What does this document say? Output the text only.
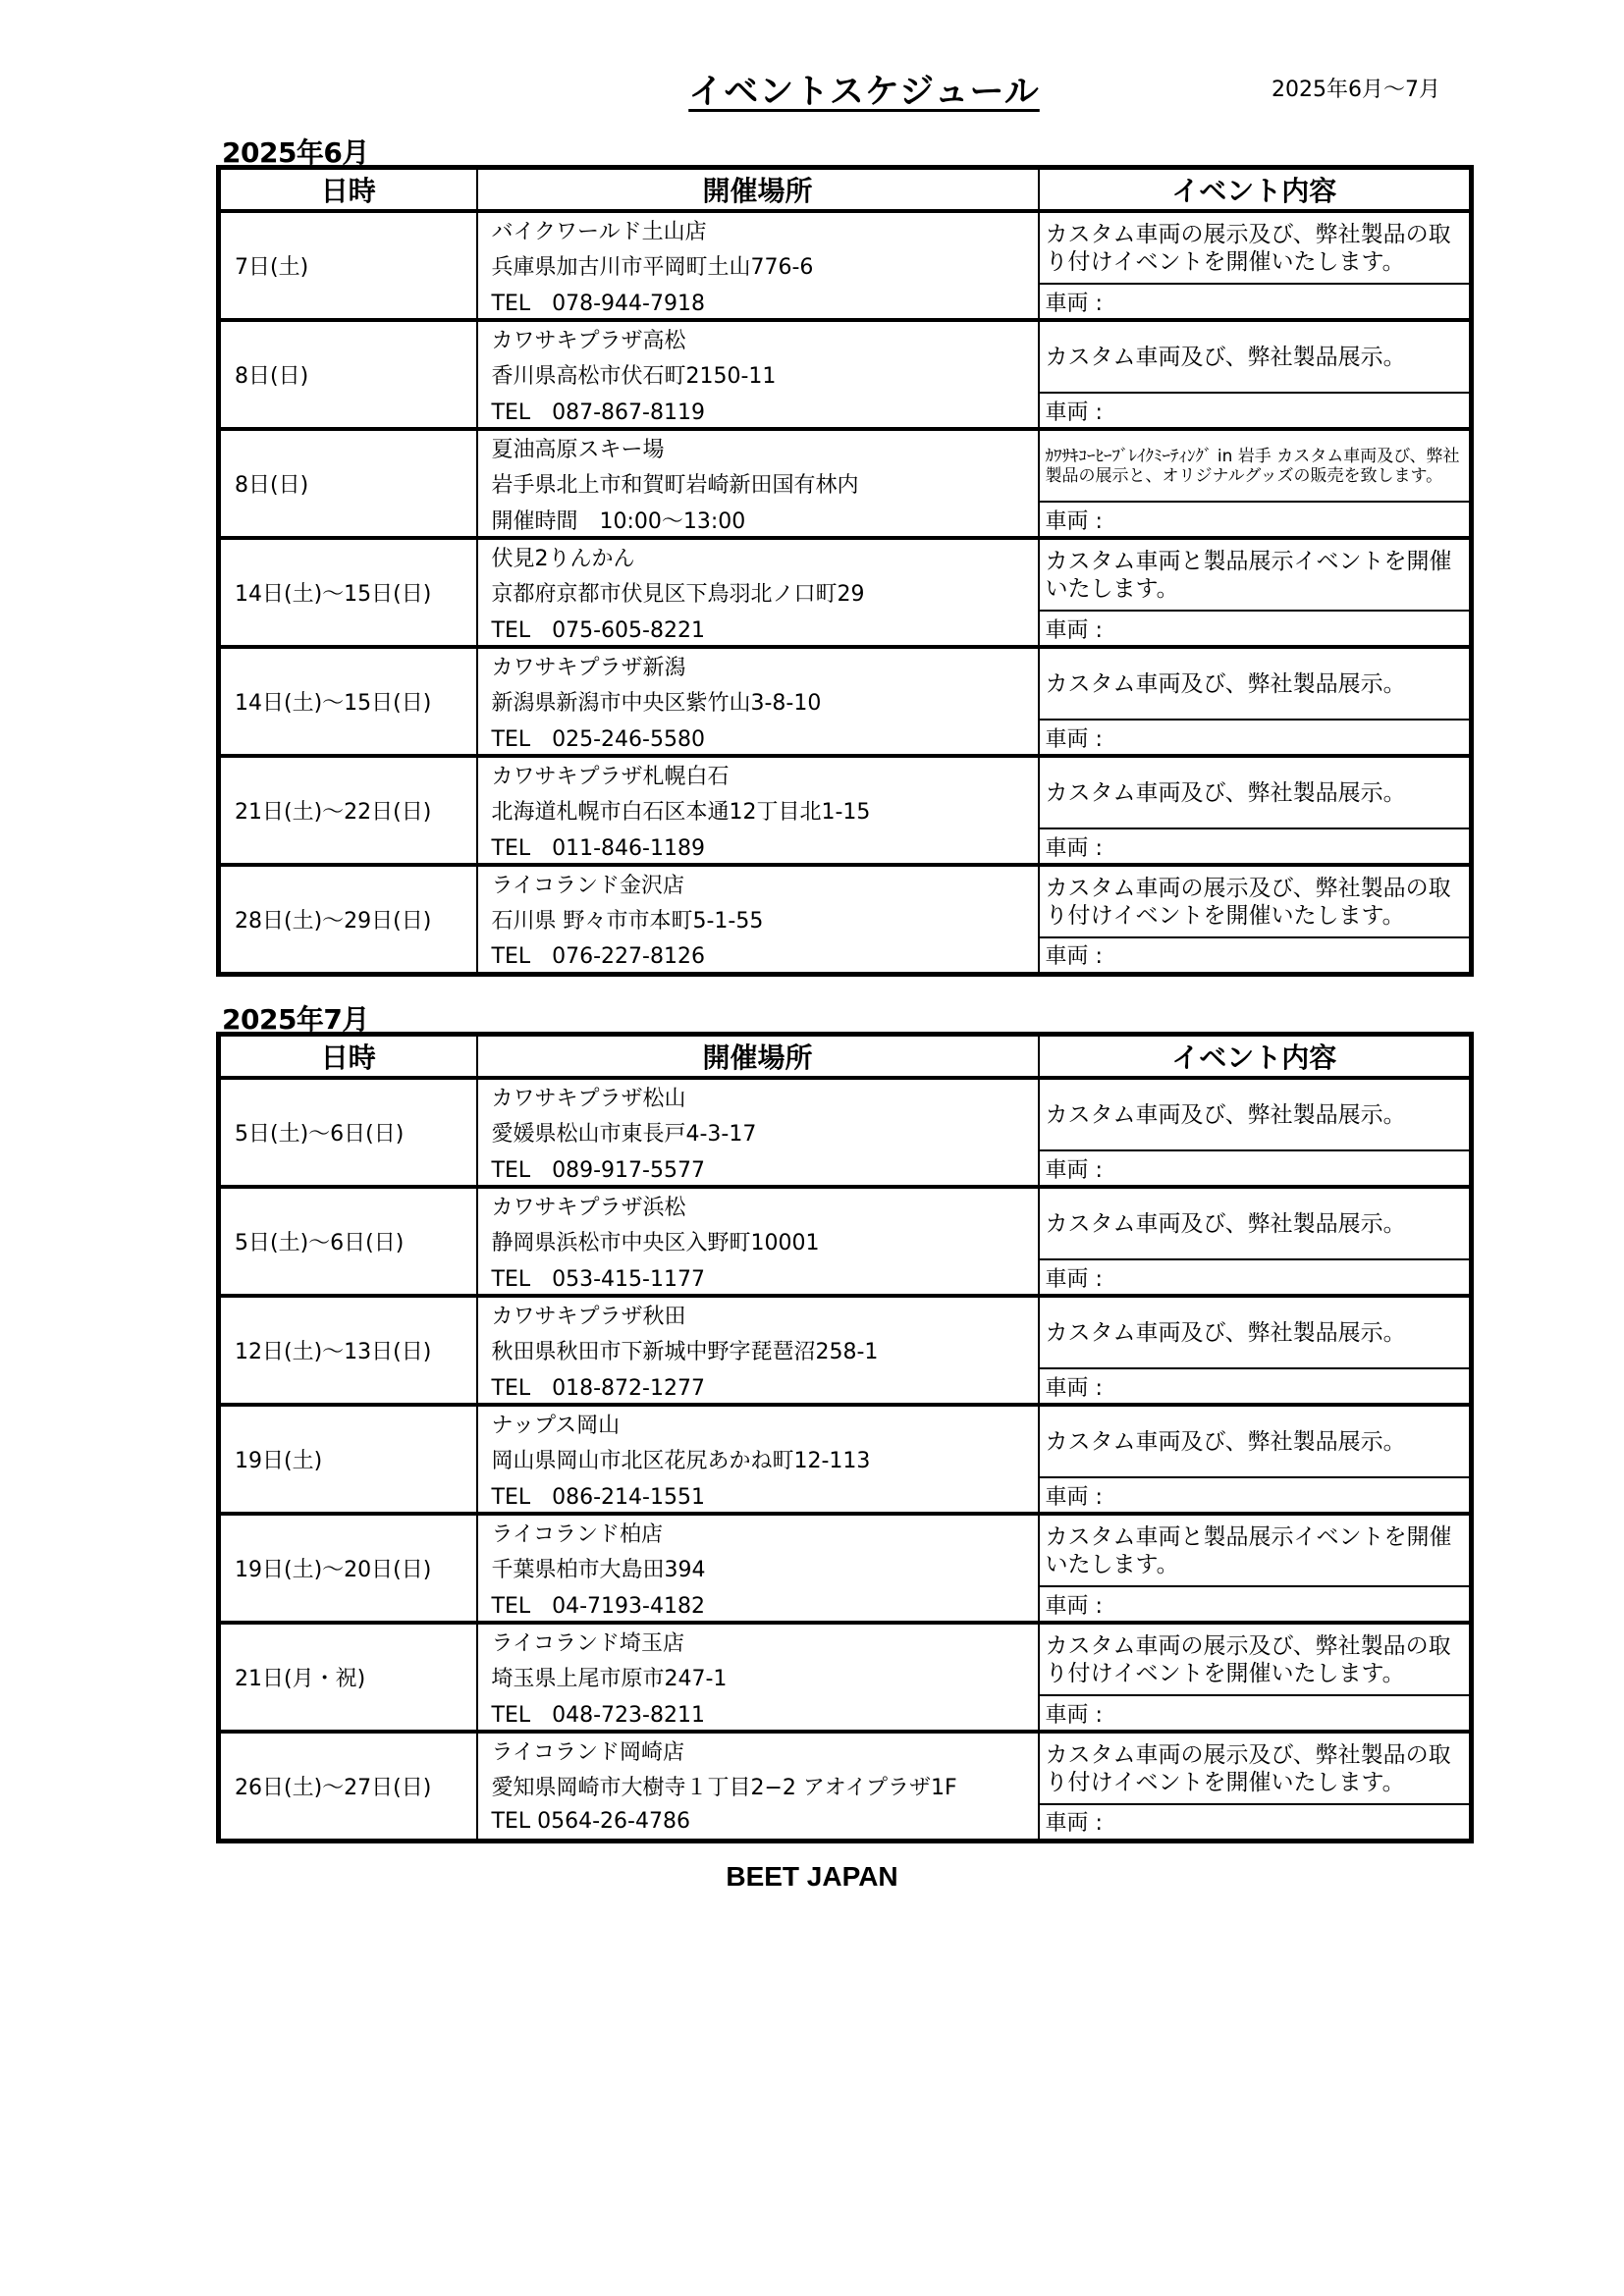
イベントスケジュール	2025年6月～7月
2025年6月
日時	開催場所	イベント内容
7日(土)	バイクワールド土山店	カスタム車両の展示及び、弊社製品の取り付けイベントを開催いたします。
	兵庫県加古川市平岡町土山776-6	
	TEL　078-944-7918	車両 :
8日(日)	カワサキプラザ高松	カスタム車両及び、弊社製品展示。
	香川県高松市伏石町2150-11	
	TEL　087-867-8119	車両 :
8日(日)	夏油高原スキー場	ｶﾜｻｷｺｰﾋｰﾌﾞﾚｲｸﾐｰﾃｨﾝｸﾞ in 岩手 カスタム車両及び、弊社製品の展示と、オリジナルグッズの販売を致します。
	岩手県北上市和賀町岩崎新田国有林内	
	開催時間　10:00～13:00	車両 :
14日(土)～15日(日)	伏見2りんかん	カスタム車両と製品展示イベントを開催いたします。
	京都府京都市伏見区下鳥羽北ノ口町29	
	TEL　075-605-8221	車両 :
14日(土)～15日(日)	カワサキプラザ新潟	カスタム車両及び、弊社製品展示。
	新潟県新潟市中央区紫竹山3-8-10	
	TEL　025-246-5580	車両 :
21日(土)～22日(日)	カワサキプラザ札幌白石	カスタム車両及び、弊社製品展示。
	北海道札幌市白石区本通12丁目北1-15	
	TEL　011-846-1189	車両 :
28日(土)～29日(日)	ライコランド金沢店	カスタム車両の展示及び、弊社製品の取り付けイベントを開催いたします。
	石川県 野々市市本町5-1-55	
	TEL　076-227-8126	車両 :
2025年7月
日時	開催場所	イベント内容
5日(土)～6日(日)	カワサキプラザ松山	カスタム車両及び、弊社製品展示。
	愛媛県松山市東長戸4-3-17	
	TEL　089-917-5577	車両 :
5日(土)～6日(日)	カワサキプラザ浜松	カスタム車両及び、弊社製品展示。
	静岡県浜松市中央区入野町10001	
	TEL　053-415-1177	車両 :
12日(土)～13日(日)	カワサキプラザ秋田	カスタム車両及び、弊社製品展示。
	秋田県秋田市下新城中野字琵琶沼258-1	
	TEL　018-872-1277	車両 :
19日(土)	ナップス岡山	カスタム車両及び、弊社製品展示。
	岡山県岡山市北区花尻あかね町12-113	
	TEL　086-214-1551	車両 :
19日(土)～20日(日)	ライコランド柏店	カスタム車両と製品展示イベントを開催いたします。
	千葉県柏市大島田394	
	TEL　04-7193-4182	車両 :
21日(月・祝)	ライコランド埼玉店	カスタム車両の展示及び、弊社製品の取り付けイベントを開催いたします。
	埼玉県上尾市原市247-1	
	TEL　048-723-8211	車両 :
26日(土)～27日(日)	ライコランド岡崎店	カスタム車両の展示及び、弊社製品の取り付けイベントを開催いたします。
	愛知県岡崎市大樹寺１丁目2−2 アオイプラザ1F	
	TEL 0564-26-4786	車両 :
BEET JAPAN
